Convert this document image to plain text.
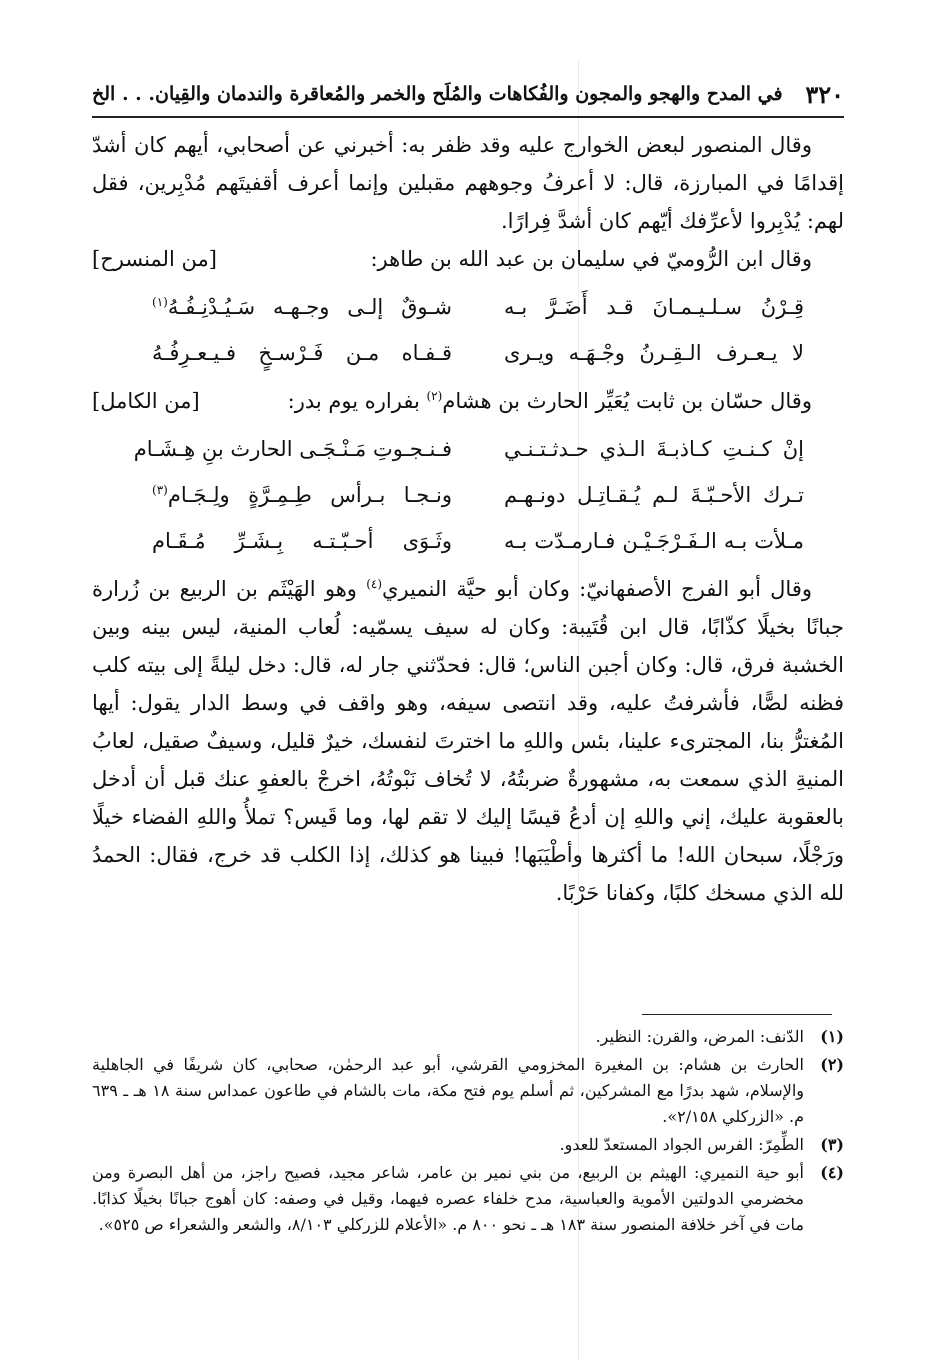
٣٢٠
في المدح والهجو والمجون والفُكاهات والمُلَح والخمر والمُعاقرة والندمان والقِيان. . . الخ

وقال المنصور لبعض الخوارج عليه وقد ظفر به: أخبرني عن أصحابي، أيهم كان أشدّ إقدامًا في المبارزة، قال: لا أعرفُ وجوههم مقبلين وإنما أعرف أقفيتَهم مُدْبِرين، فقل لهم: يُدْبِروا لأعرِّفك أيّهم كان أشدَّ فِرارًا.

وقال ابن الرُّوميّ في سليمان بن عبد الله بن طاهر:
[من المنسرح]
قِـرْنُ سـلـيـمـانَ قـد أَضَـرَّ بـه
شـوقٌ إلـى وجـهـه سَـيُـدْنِـفُـهُ$^{(١)}$
لا يـعـرف الـقِـرنُ وجْـهَـه ويـرى
قـفـاه مـن فَـرْسـخٍ فـيـعـرِفُـهُ
وقال حسّان بن ثابت يُعَيِّر الحارث بن هشام$^{(٢)}$ بفراره يوم بدر:
[من الكامل]
إنْ كـنـتِ كـاذبـةَ الـذي حـدثـتـنـي
فـنـجـوتِ مَـنْـجَـى الحارث بنِ هِـشَـام
تـرك الأحـبّـةَ لـم يُـقـاتِـل دونـهـم
ونـجـا بـرأس طِـمِـرَّةٍ ولِـجَـام$^{(٣)}$
مـلأت بـه الـفَـرْجَـيْـن فـارمـدّت بـه
وثَـوَى أحـبّـتـه بِـشَـرِّ مُـقَـام

وقال أبو الفرج الأصفهانيّ: وكان أبو حيَّة النميري$^{(٤)}$ وهو الهَيْثَم بن الربيع بن زُرارة جبانًا بخيلًا كذّابًا، قال ابن قُتَيبة: وكان له سيف يسمّيه: لُعاب المنية، ليس بينه وبين الخشبة فرق، قال: وكان أجبن الناس؛ قال: فحدّثني جار له، قال: دخل ليلةً إلى بيته كلب فظنه لصًّا، فأشرفتُ عليه، وقد انتصى سيفه، وهو واقف في وسط الدار يقول: أيها المُغترُّ بنا، المجترىء علينا، بئس واللهِ ما اخترتَ لنفسك، خيرٌ قليل، وسيفٌ صقيل، لعابُ المنيةِ الذي سمعت به، مشهورةٌ ضربتُهُ، لا تُخاف نَبْوتُهُ، اخرجْ بالعفوِ عنك قبل أن أدخل بالعقوبة عليك، إني واللهِ إن أدعُ قيسًا إليك لا تقم لها، وما قَيس؟ تملأُ واللهِ الفضاء خيلًا ورَجْلًا، سبحان الله! ما أكثرها وأطْيَبَها! فبينا هو كذلك، إذا الكلب قد خرج، فقال: الحمدُ لله الذي مسخك كلبًا، وكفانا حَرْبًا.

(١)
الدّنف: المرض، والقرن: النظير.
(٢)
الحارث بن هشام: بن المغيرة المخزومي القرشي، أبو عبد الرحمٰن، صحابي، كان شريفًا في الجاهلية والإسلام، شهد بدرًا مع المشركين، ثم أسلم يوم فتح مكة، مات بالشام في طاعون عمداس سنة ١٨ هـ ـ ٦٣٩ م. «الزركلي ٢/١٥٨».
(٣)
الطِّمِرّ: الفرس الجواد المستعدّ للعدو.
(٤)
أبو حية النميري: الهيثم بن الربيع، من بني نمير بن عامر، شاعر مجيد، فصيح راجز، من أهل البصرة ومن مخضرمي الدولتين الأموية والعباسية، مدح خلفاء عصره فيهما، وقيل في وصفه: كان أهوج جبانًا بخيلًا كذابًا. مات في آخر خلافة المنصور سنة ١٨٣ هـ ـ نحو ٨٠٠ م. «الأعلام للزركلي ٨/١٠٣، والشعر والشعراء ص ٥٢٥».
